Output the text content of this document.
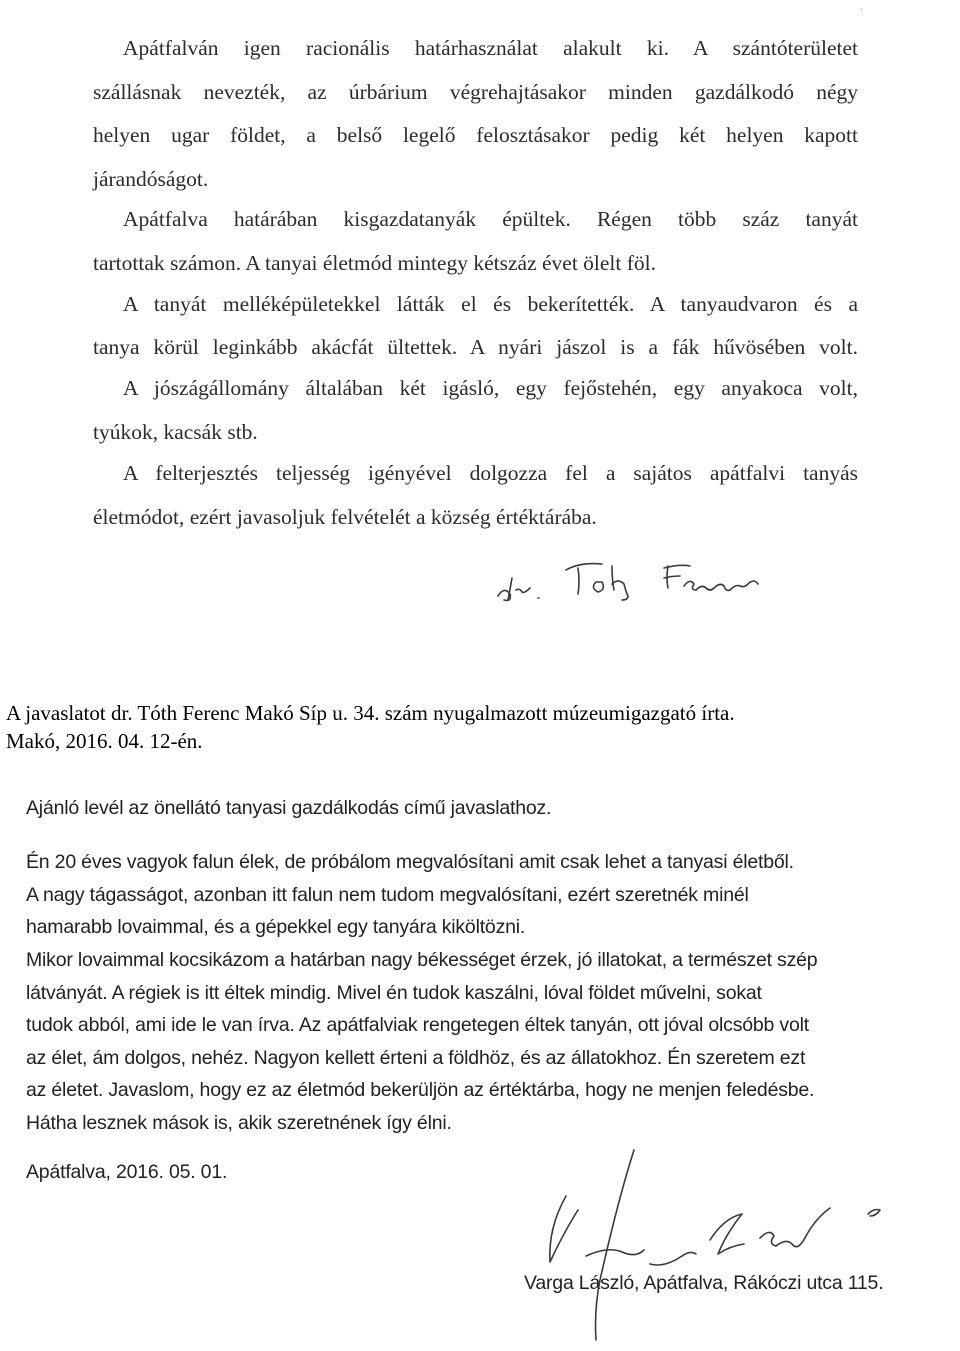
Apátfalván igen racionális határhasználat alakult ki. A szántóterületet
szállásnak nevezték, az úrbárium végrehajtásakor minden gazdálkodó négy
helyen ugar földet, a belső legelő felosztásakor pedig két helyen kapott
járandóságot.
Apátfalva határában kisgazdatanyák épültek. Régen több száz tanyát
tartottak számon. A tanyai életmód mintegy kétszáz évet ölelt föl.
A tanyát melléképületekkel látták el és bekerítették. A tanyaudvaron és a
tanya körül leginkább akácfát ültettek. A nyári jászol is a fák hűvösében volt.
A jószágállomány általában két igásló, egy fejőstehén, egy anyakoca volt,
tyúkok, kacsák stb.
A felterjesztés teljesség igényével dolgozza fel a sajátos apátfalvi tanyás
életmódot, ezért javasoljuk felvételét a község értéktárába.
A javaslatot dr. Tóth Ferenc Makó Síp u. 34. szám nyugalmazott múzeumigazgató írta.
Makó, 2016. 04. 12-én.
Ajánló levél az önellátó tanyasi gazdálkodás című javaslathoz.
Én 20 éves vagyok falun élek, de próbálom megvalósítani amit csak lehet a tanyasi életből.
A nagy tágasságot, azonban itt falun nem tudom megvalósítani, ezért szeretnék minél
hamarabb lovaimmal, és a gépekkel egy tanyára kiköltözni.
Mikor lovaimmal kocsikázom a határban nagy békességet érzek, jó illatokat, a természet szép
látványát. A régiek is itt éltek mindig. Mivel én tudok kaszálni, lóval földet művelni, sokat
tudok abból, ami ide le van írva. Az apátfalviak rengetegen éltek tanyán, ott jóval olcsóbb volt
az élet, ám dolgos, nehéz. Nagyon kellett érteni a földhöz, és az állatokhoz. Én szeretem ezt
az életet. Javaslom, hogy ez az életmód bekerüljön az értéktárba, hogy ne menjen feledésbe.
Hátha lesznek mások is, akik szeretnének így élni.
Apátfalva, 2016. 05. 01.
Varga László, Apátfalva, Rákóczi utca 115.
·
